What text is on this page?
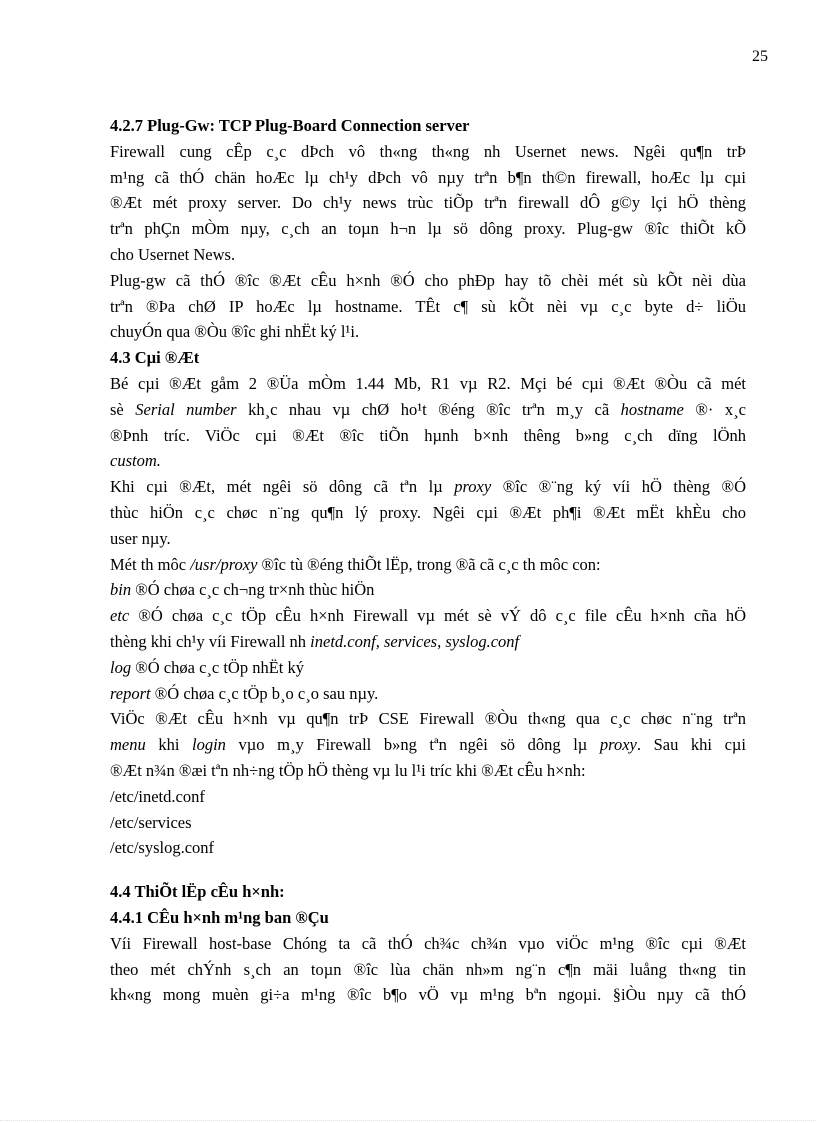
25
4.2.7 Plug-Gw: TCP Plug-Board Connection server
Firewall cung cÊp c¸c dÞch vô th«ng th«ng nh Usernet news. Ngêi qu¶n trÞ
m¹ng cã thÓ chän hoÆc lµ ch¹y dÞch vô nµy trªn b¶n th©n firewall, hoÆc lµ cµi
®Æt mét proxy server. Do ch¹y news trùc tiÕp trªn firewall dÔ g©y lçi hÖ thèng
trªn phÇn mÒm nµy, c¸ch an toµn h¬n lµ sö dông proxy. Plug-gw ®îc thiÕt kÕ
cho Usernet News.
Plug-gw cã thÓ ®îc ®Æt cÊu h×nh ®Ó cho phÐp hay tõ chèi mét sù kÕt nèi dùa
trªn ®Þa chØ IP hoÆc lµ hostname. TÊt c¶ sù kÕt nèi vµ c¸c byte d÷ liÖu
chuyÓn qua ®Òu ®îc ghi nhËt ký l¹i.
4.3 Cµi ®Æt
Bé cµi ®Æt gåm 2 ®Üa mÒm 1.44 Mb, R1 vµ R2. Mçi bé cµi ®Æt ®Òu cã mét
sè Serial number kh¸c nhau vµ chØ ho¹t ®éng ®îc trªn m¸y cã hostname ®· x¸c
®Þnh tríc. ViÖc cµi ®Æt ®îc tiÕn hµnh b×nh thêng b»ng c¸ch dïng lÖnh
custom.
Khi cµi ®Æt, mét ngêi sö dông cã tªn lµ proxy ®îc ®¨ng ký víi hÖ thèng ®Ó
thùc hiÖn c¸c chøc n¨ng qu¶n lý proxy. Ngêi cµi ®Æt ph¶i ®Æt mËt khÈu cho
user nµy.
Mét th môc /usr/proxy ®îc tù ®éng thiÕt lËp, trong ®ã cã c¸c th môc con:
bin ®Ó chøa c¸c ch¬ng tr×nh thùc hiÖn
etc ®Ó chøa c¸c tÖp cÊu h×nh Firewall vµ mét sè vÝ dô c¸c file cÊu h×nh cña hÖ
thèng khi ch¹y víi Firewall nh inetd.conf, services, syslog.conf
log ®Ó chøa c¸c tÖp nhËt ký
report ®Ó chøa c¸c tÖp b¸o c¸o sau nµy.
ViÖc ®Æt cÊu h×nh vµ qu¶n trÞ CSE Firewall ®Òu th«ng qua c¸c chøc n¨ng trªn
menu khi login vµo m¸y Firewall b»ng tªn ngêi sö dông lµ proxy. Sau khi cµi
®Æt n¾n ®æi tªn nh÷ng tÖp hÖ thèng vµ lu l¹i tríc khi ®Æt cÊu h×nh:
/etc/inetd.conf
/etc/services
/etc/syslog.conf
4.4 ThiÕt lËp cÊu h×nh:
4.4.1 CÊu h×nh m¹ng ban ®Çu
Víi Firewall host-base Chóng ta cã thÓ ch¾c ch¾n vµo viÖc m¹ng ®îc cµi ®Æt
theo mét chÝnh s¸ch an toµn ®îc lùa chän nh»m ng¨n c¶n mäi luång th«ng tin
kh«ng mong muèn gi÷a m¹ng ®îc b¶o vÖ vµ m¹ng bªn ngoµi. §iÒu nµy cã thÓ
